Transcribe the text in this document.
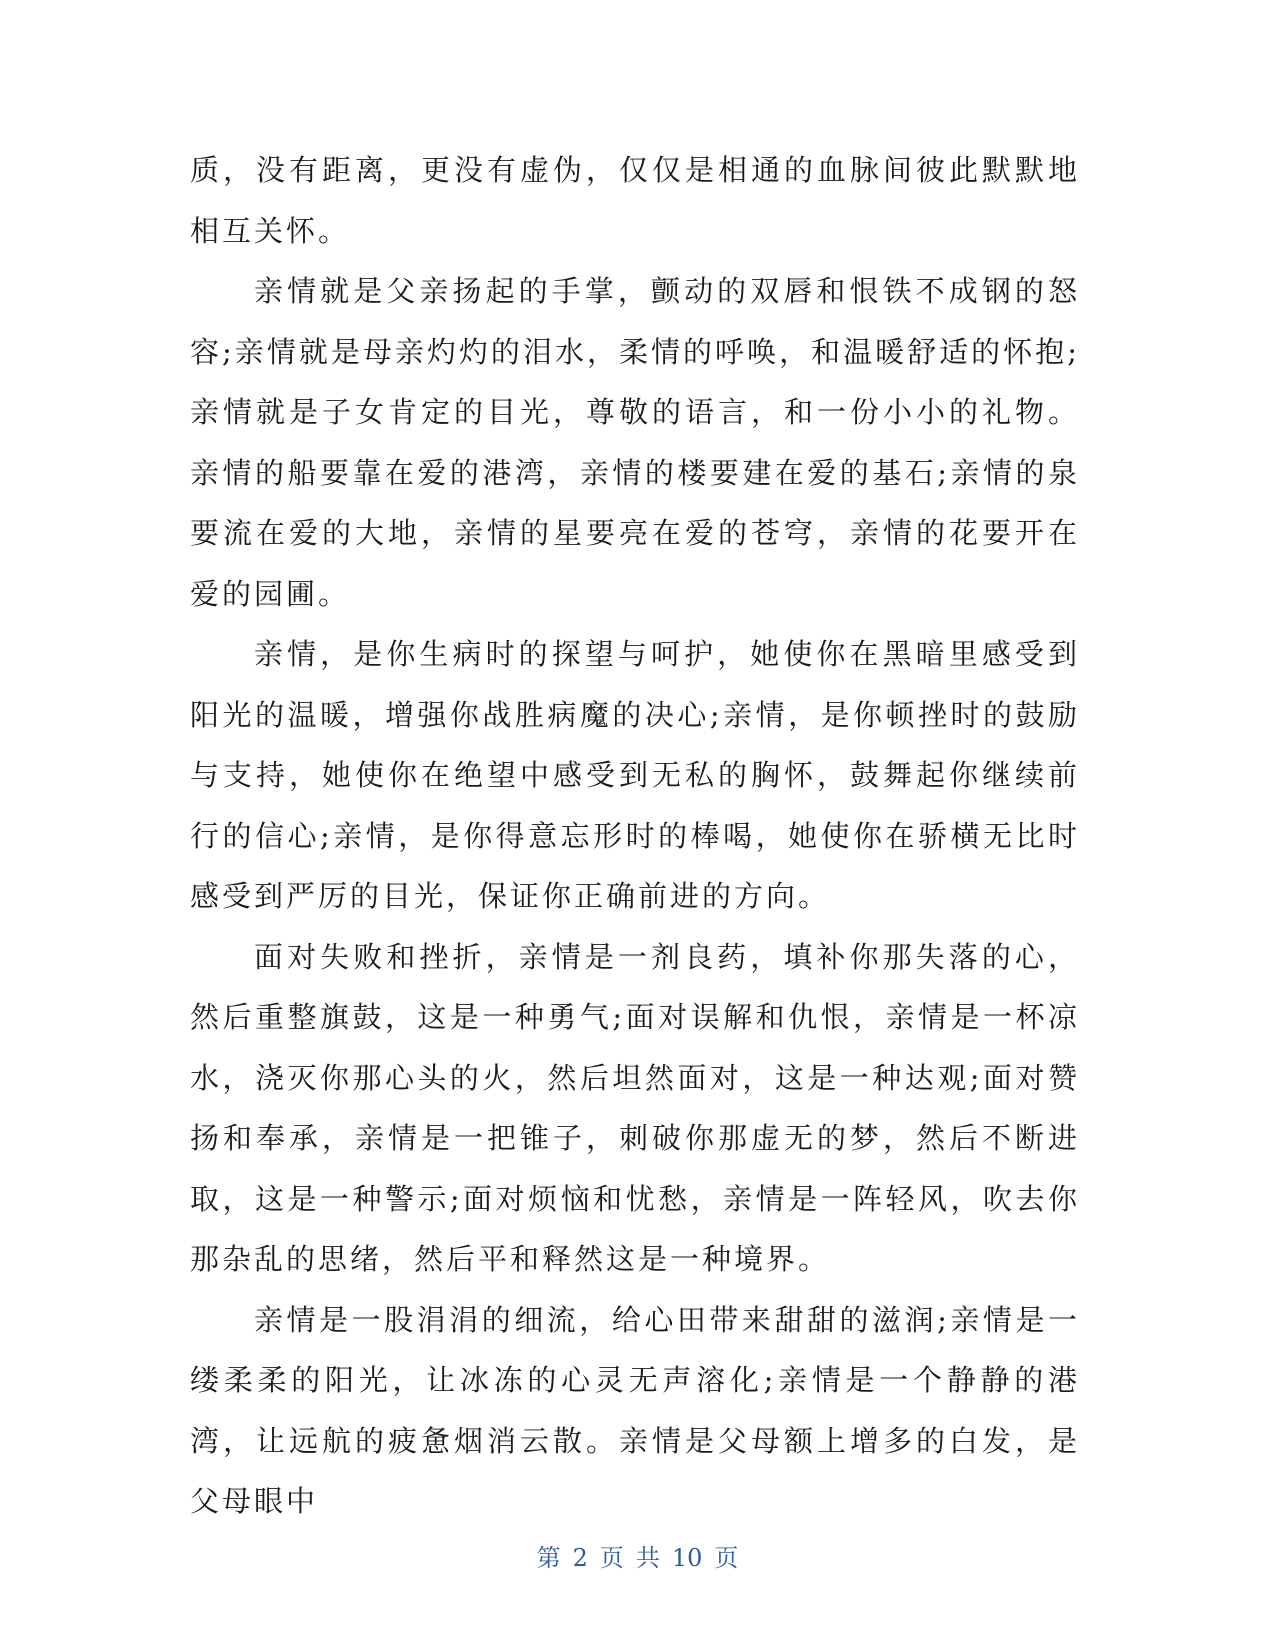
质，没有距离，更没有虚伪，仅仅是相通的血脉间彼此默默地相互关怀。

亲情就是父亲扬起的手掌，颤动的双唇和恨铁不成钢的怒容;亲情就是母亲灼灼的泪水，柔情的呼唤，和温暖舒适的怀抱;亲情就是子女肯定的目光，尊敬的语言，和一份小小的礼物。亲情的船要靠在爱的港湾，亲情的楼要建在爱的基石;亲情的泉要流在爱的大地，亲情的星要亮在爱的苍穹，亲情的花要开在爱的园圃。

亲情，是你生病时的探望与呵护，她使你在黑暗里感受到阳光的温暖，增强你战胜病魔的决心;亲情，是你顿挫时的鼓励与支持，她使你在绝望中感受到无私的胸怀，鼓舞起你继续前行的信心;亲情，是你得意忘形时的棒喝，她使你在骄横无比时感受到严厉的目光，保证你正确前进的方向。

面对失败和挫折，亲情是一剂良药，填补你那失落的心，然后重整旗鼓，这是一种勇气;面对误解和仇恨，亲情是一杯凉水，浇灭你那心头的火，然后坦然面对，这是一种达观;面对赞扬和奉承，亲情是一把锥子，刺破你那虚无的梦，然后不断进取，这是一种警示;面对烦恼和忧愁，亲情是一阵轻风，吹去你那杂乱的思绪，然后平和释然这是一种境界。

亲情是一股涓涓的细流，给心田带来甜甜的滋润;亲情是一缕柔柔的阳光，让冰冻的心灵无声溶化;亲情是一个静静的港湾，让远航的疲惫烟消云散。亲情是父母额上增多的白发，是父母眼中

第 2 页 共 10 页
